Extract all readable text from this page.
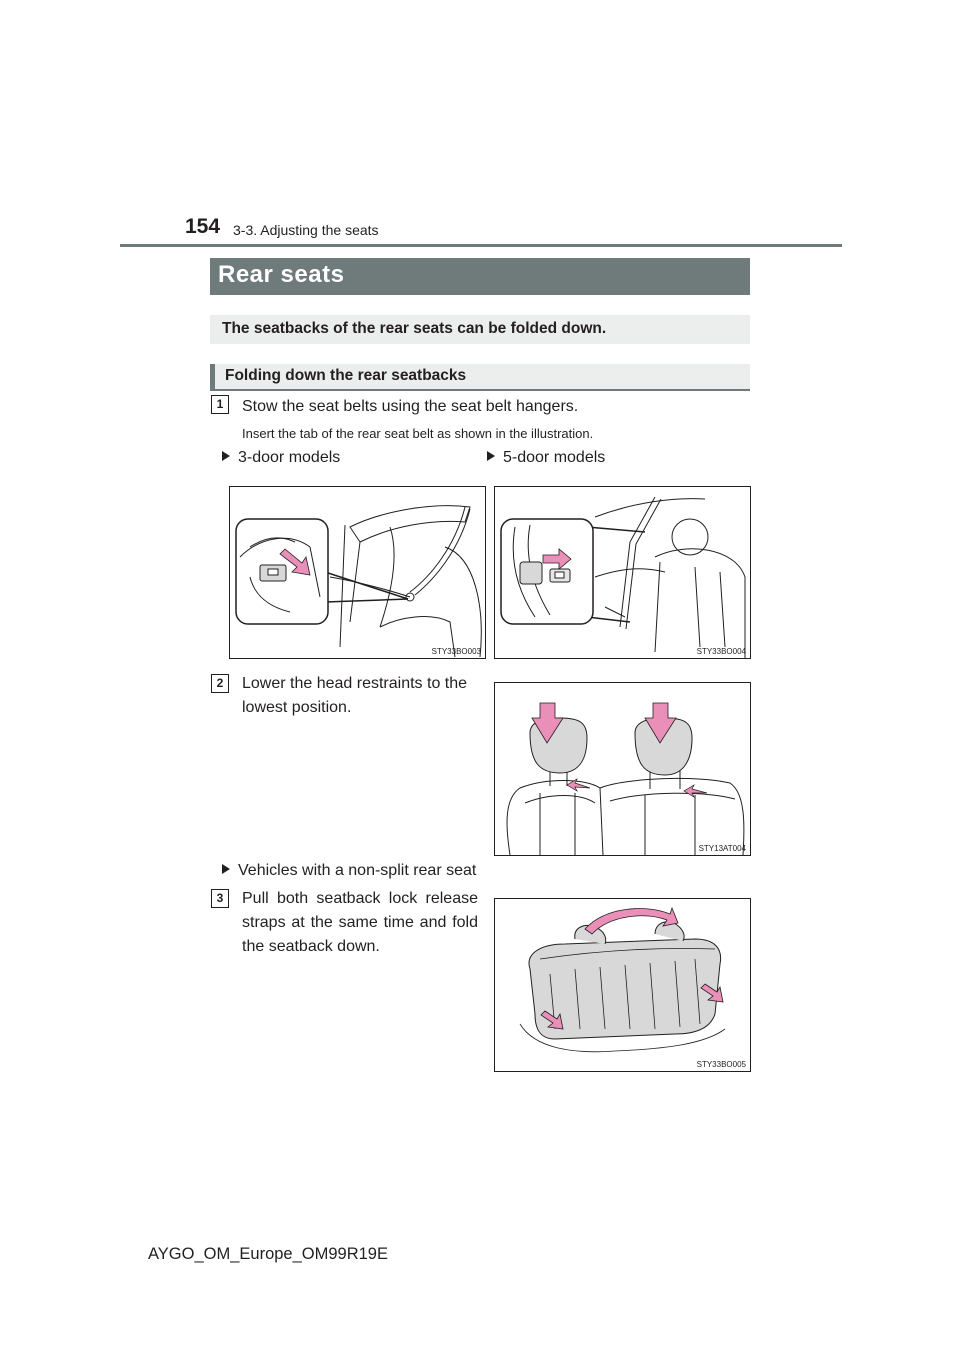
154 3-3. Adjusting the seats
Rear seats
The seatbacks of the rear seats can be folded down.
Folding down the rear seatbacks
1	Stow the seat belts using the seat belt hangers.
Insert the tab of the rear seat belt as shown in the illustration.
3-door models	5-door models
STY33BO003	STY33BO004
2	Lower the head restraints to the lowest position.
STY13AT004
Vehicles with a non-split rear seat
3	Pull both seatback lock release straps at the same time and fold the seatback down.
STY33BO005
AYGO_OM_Europe_OM99R19E
